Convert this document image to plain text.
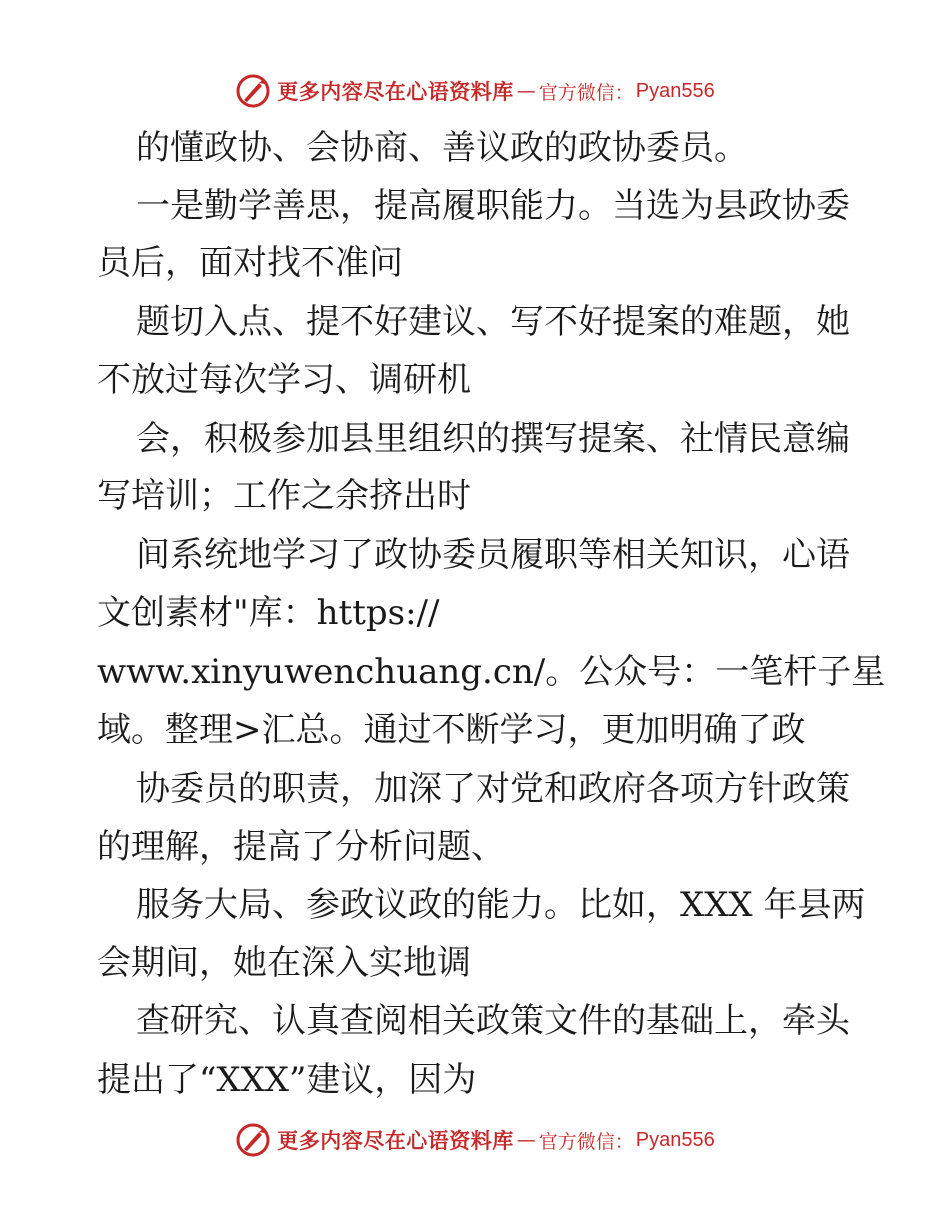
更多内容尽在心语资料库 — 官方微信： Pyan556
的懂政协、会协商、善议政的政协委员。
一是勤学善思，提高履职能力。当选为县政协委
员后，面对找不准问
题切入点、提不好建议、写不好提案的难题，她
不放过每次学习、调研机
会，积极参加县里组织的撰写提案、社情民意编
写培训；工作之余挤出时
间系统地学习了政协委员履职等相关知识，心语
文创素材"库：https://
www.xinyuwenchuang.cn/。公众号：一笔杆子星
域。整理>汇总。通过不断学习，更加明确了政
协委员的职责，加深了对党和政府各项方针政策
的理解，提高了分析问题、
服务大局、参政议政的能力。比如，XXX 年县两
会期间，她在深入实地调
查研究、认真查阅相关政策文件的基础上，牵头
提出了“XXX”建议，因为
更多内容尽在心语资料库 — 官方微信： Pyan556
